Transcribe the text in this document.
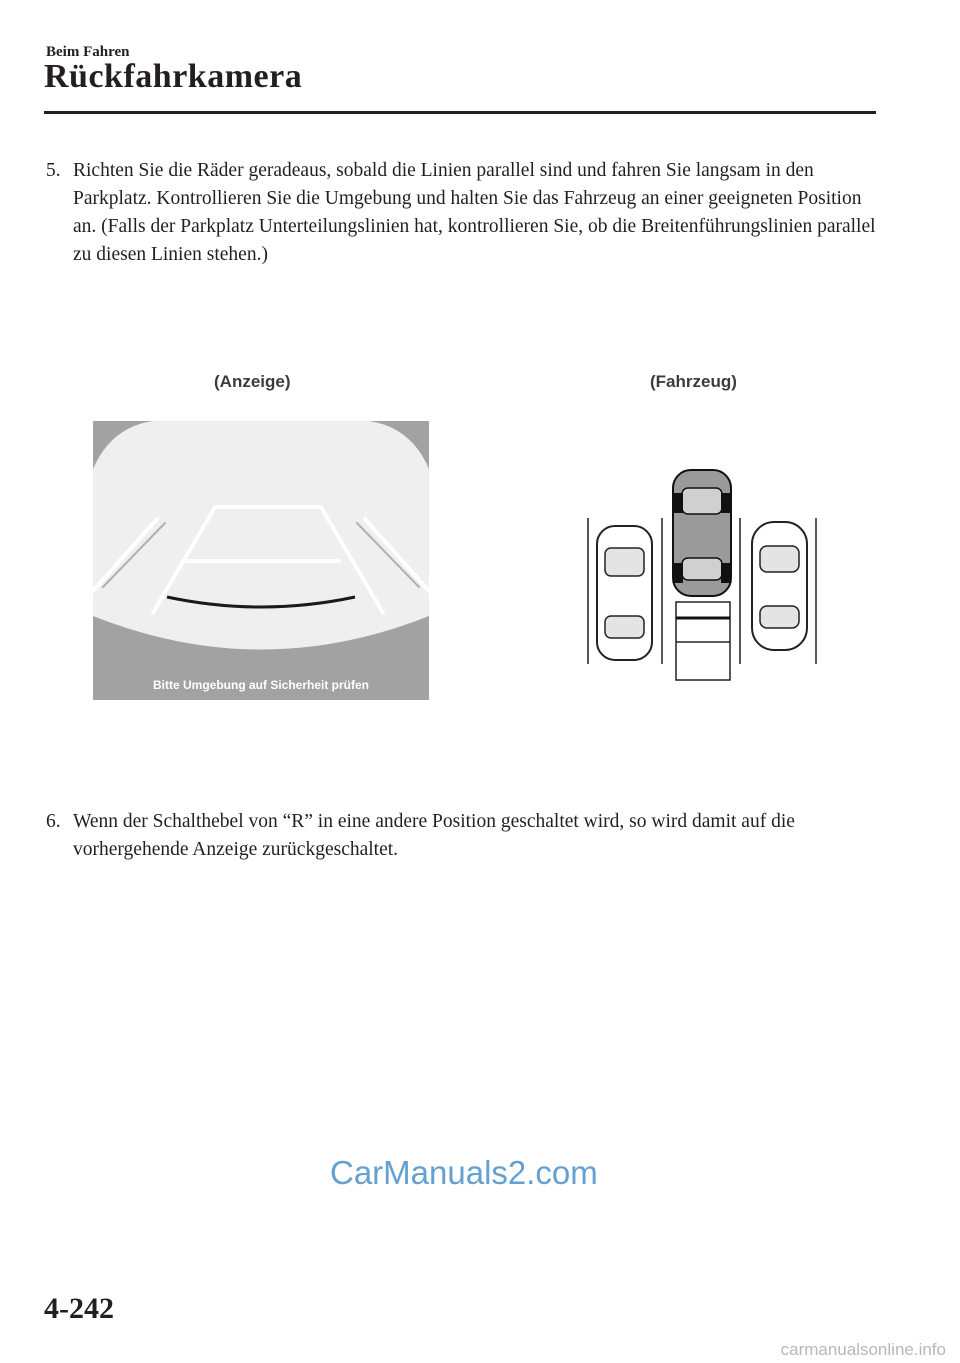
Beim Fahren
Rückfahrkamera
5. Richten Sie die Räder geradeaus, sobald die Linien parallel sind und fahren Sie langsam in den Parkplatz. Kontrollieren Sie die Umgebung und halten Sie das Fahrzeug an einer geeigneten Position an. (Falls der Parkplatz Unterteilungslinien hat, kontrollieren Sie, ob die Breitenführungslinien parallel zu diesen Linien stehen.)
(Anzeige)	(Fahrzeug)
Bitte Umgebung auf Sicherheit prüfen
6. Wenn der Schalthebel von “R” in eine andere Position geschaltet wird, so wird damit auf die vorhergehende Anzeige zurückgeschaltet.
CarManuals2.com
4-242
carmanualsonline.info
